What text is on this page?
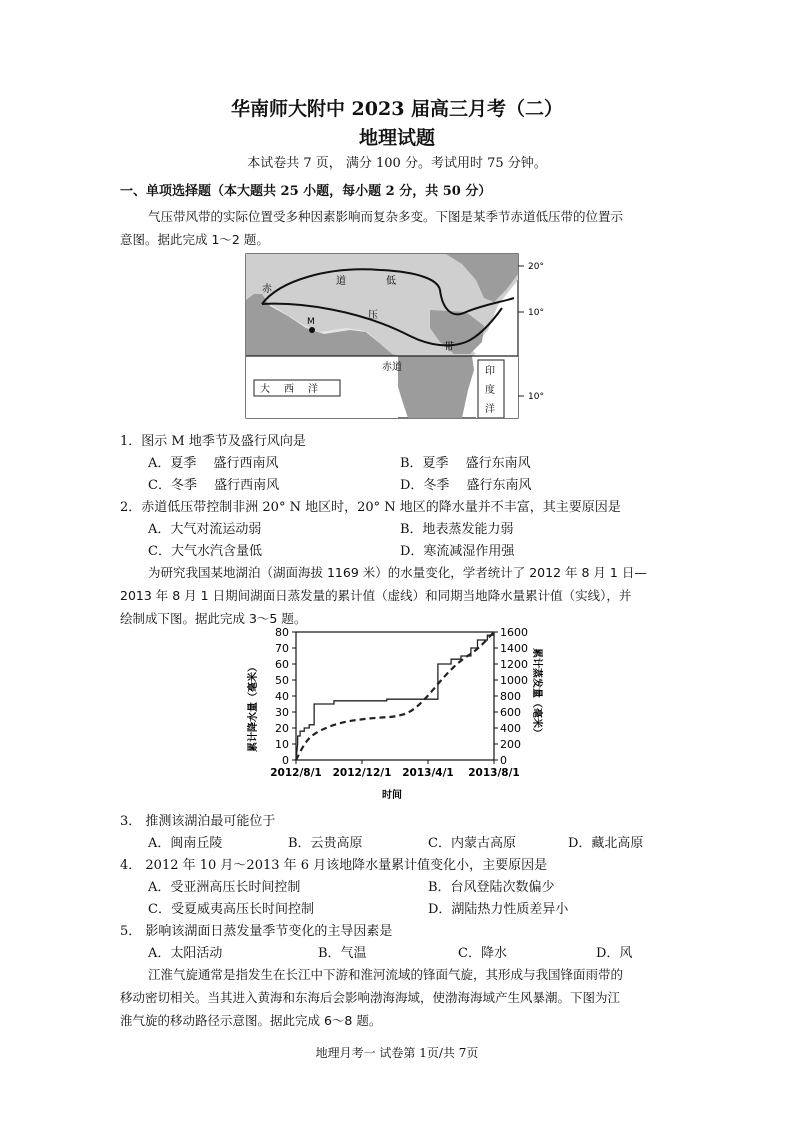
华南师大附中 2023 届高三月考（二）
地理试题
本试卷共 7 页， 满分 100 分。考试用时 75 分钟。
一、单项选择题（本大题共 25 小题，每小题 2 分，共 50 分）
气压带风带的实际位置受多种因素影响而复杂多变。下图是某季节赤道低压带的位置示
意图。据此完成 1～2 题。
M
赤
道	低
压
带
赤道
大 西 洋
印
度
洋
20°
10°
10°
1．图示 M 地季节及盛行风向是
A．夏季　 盛行西南风	B．夏季　 盛行东南风
C．冬季　 盛行西南风	D．冬季　 盛行东南风
2．赤道低压带控制非洲 20° N 地区时，20° N 地区的降水量并不丰富，其主要原因是
A．大气对流运动弱	B．地表蒸发能力弱
C．大气水汽含量低	D．寒流减湿作用强
为研究我国某地湖泊（湖面海拔 1169 米）的水量变化，学者统计了 2012 年 8 月 1 日—
2013 年 8 月 1 日期间湖面日蒸发量的累计值（虚线）和同期当地降水量累计值（实线），并
绘制成下图。据此完成 3～5 题。
累计降水量（毫米）	累计蒸发量（毫米）
时间
0
10
20
30
40
50
60
70
80
0
200
400
600
800
1000
1200
1400
1600
2012/8/1 2012/12/1 2013/4/1 2013/8/1
3． 推测该湖泊最可能位于
A．闽南丘陵	B．云贵高原	C．内蒙古高原	D．藏北高原
4． 2012 年 10 月～2013 年 6 月该地降水量累计值变化小，主要原因是
A．受亚洲高压长时间控制	B．台风登陆次数偏少
C．受夏威夷高压长时间控制	D．湖陆热力性质差异小
5． 影响该湖面日蒸发量季节变化的主导因素是
A．太阳活动	B．气温	C．降水	D．风
江淮气旋通常是指发生在长江中下游和淮河流域的锋面气旋，其形成与我国锋面雨带的
移动密切相关。当其进入黄海和东海后会影响渤海海域，使渤海海域产生风暴潮。下图为江
淮气旋的移动路径示意图。据此完成 6～8 题。
地理月考一 试卷第 1页/共 7页
